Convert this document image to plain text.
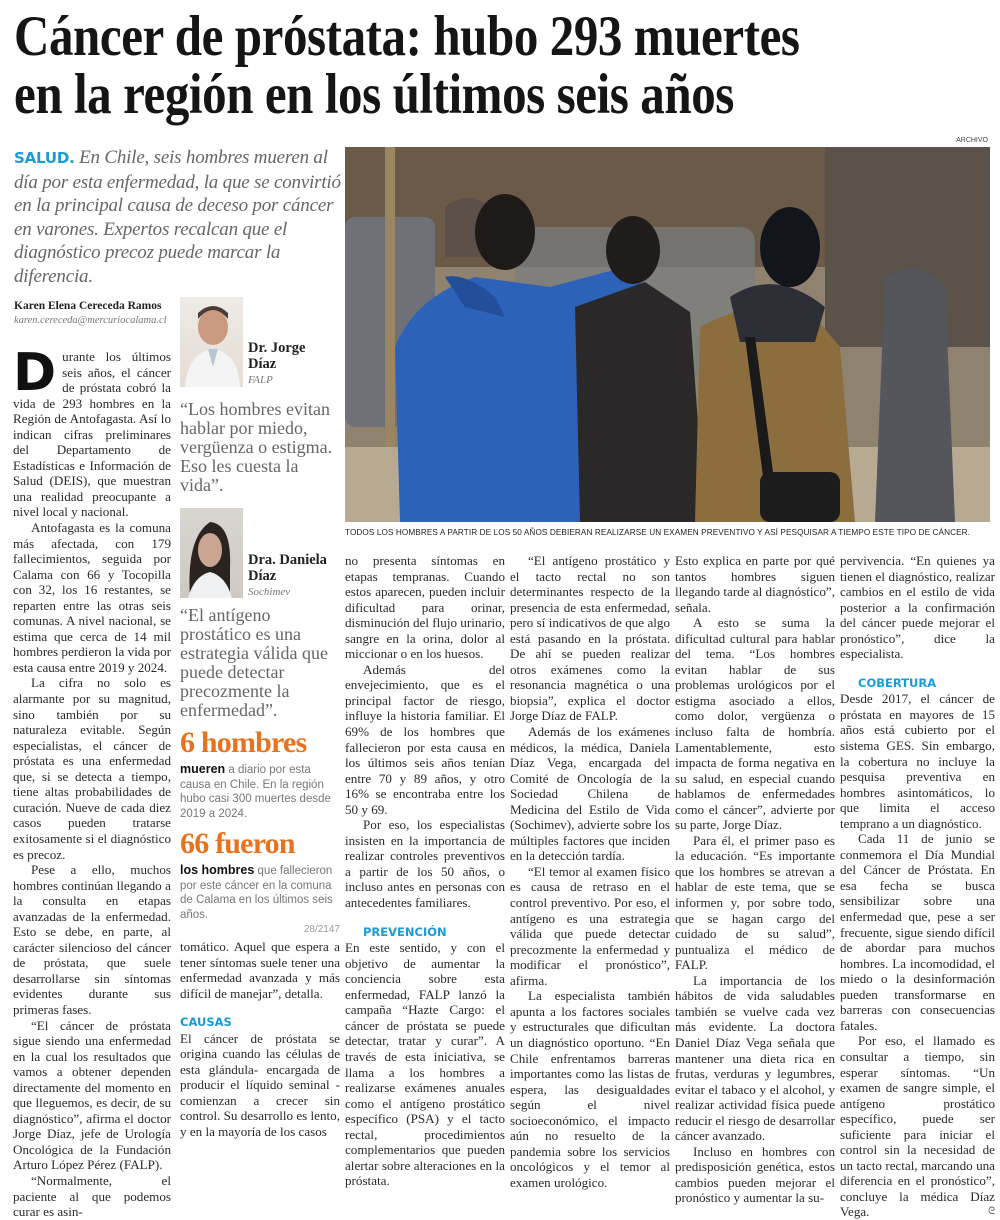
Cáncer de próstata: hubo 293 muertes
en la región en los últimos seis años
SALUD. En Chile, seis hombres mueren al día por esta enfermedad, la que se convirtió en la principal causa de deceso por cáncer en varones. Expertos recalcan que el diagnóstico precoz puede marcar la diferencia.
Karen Elena Cereceda Ramos
karen.cereceda@mercuriocalama.cl

Durante los últimos seis años, el cáncer de próstata cobró la vida de 293 hombres en la Región de Antofagasta. Así lo indican cifras preliminares del Departamento de Estadísticas e Información de Salud (DEIS), que muestran una realidad preocupante a nivel local y nacional.

Antofagasta es la comuna más afectada, con 179 fallecimientos, seguida por Calama con 66 y Tocopilla con 32, los 16 restantes, se reparten entre las otras seis comunas. A nivel nacional, se estima que cerca de 14 mil hombres perdieron la vida por esta causa entre 2019 y 2024.

La cifra no solo es alarmante por su magnitud, sino también por su naturaleza evitable. Según especialistas, el cáncer de próstata es una enfermedad que, si se detecta a tiempo, tiene altas probabilidades de curación. Nueve de cada diez casos pueden tratarse exitosamente si el diagnóstico es precoz.

Pese a ello, muchos hombres continúan llegando a la consulta en etapas avanzadas de la enfermedad. Esto se debe, en parte, al carácter silencioso del cáncer de próstata, que suele desarrollarse sin síntomas evidentes durante sus primeras fases.

“El cáncer de próstata sigue siendo una enfermedad en la cual los resultados que vamos a obtener dependen directamente del momento en que lleguemos, es decir, de su diagnóstico”, afirma el doctor Jorge Díaz, jefe de Urología Oncológica de la Fundación Arturo López Pérez (FALP).

“Normalmente, el paciente al que podemos curar es asin-

Dr. Jorge Díaz
FALP
“Los hombres evitan hablar por miedo, vergüenza o estigma. Eso les cuesta la vida”.
Dra. Daniela Díaz
Sochimev
“El antígeno prostático es una estrategia válida que puede detectar precozmente la enfermedad”.
6 hombres
mueren a diario por esta causa en Chile. En la región hubo casi 300 muertes desde 2019 a 2024.
66 fueron
los hombres que fallecieron por este cáncer en la comuna de Calama en los últimos seis años.
28/2147

tomático. Aquel que espera a tener síntomas suele tener una enfermedad avanzada y más difícil de manejar”, detalla.

CAUSAS

El cáncer de próstata se origina cuando las células de esta glándula- encargada de producir el líquido seminal - comienzan a crecer sin control. Su desarrollo es lento, y en la mayoría de los casos

ARCHIVO
TODOS LOS HOMBRES A PARTIR DE LOS 50 AÑOS DEBIERAN REALIZARSE UN EXAMEN PREVENTIVO Y ASÍ PESQUISAR A TIEMPO ESTE TIPO DE CÁNCER.

no presenta síntomas en etapas tempranas. Cuando estos aparecen, pueden incluir dificultad para orinar, disminución del flujo urinario, sangre en la orina, dolor al miccionar o en los huesos.

Además del envejecimiento, que es el principal factor de riesgo, influye la historia familiar. El 69% de los hombres que fallecieron por esta causa en los últimos seis años tenían entre 70 y 89 años, y otro 16% se encontraba entre los 50 y 69.

Por eso, los especialistas insisten en la importancia de realizar controles preventivos a partir de los 50 años, o incluso antes en personas con antecedentes familiares.

PREVENCIÓN

En este sentido, y con el objetivo de aumentar la conciencia sobre esta enfermedad, FALP lanzó la campaña “Hazte Cargo: el cáncer de próstata se puede detectar, tratar y curar”. A través de esta iniciativa, se llama a los hombres a realizarse exámenes anuales como el antígeno prostático específico (PSA) y el tacto rectal, procedimientos complementarios que pueden alertar sobre alteraciones en la próstata.

“El antígeno prostático y el tacto rectal no son determinantes respecto de la presencia de esta enfermedad, pero sí indicativos de que algo está pasando en la próstata. De ahí se pueden realizar otros exámenes como la resonancia magnética o una biopsia”, explica el doctor Jorge Díaz de FALP.

Además de los exámenes médicos, la médica, Daniela Díaz Vega, encargada del Comité de Oncología de la Sociedad Chilena de Medicina del Estilo de Vida (Sochimev), advierte sobre los múltiples factores que inciden en la detección tardía.

“El temor al examen físico es causa de retraso en el control preventivo. Por eso, el antígeno es una estrategia válida que puede detectar precozmente la enfermedad y modificar el pronóstico”, afirma.

La especialista también apunta a los factores sociales y estructurales que dificultan un diagnóstico oportuno. “En Chile enfrentamos barreras importantes como las listas de espera, las desigualdades según el nivel socioeconómico, el impacto aún no resuelto de la pandemia sobre los servicios oncológicos y el temor al examen urológico.

Esto explica en parte por qué tantos hombres siguen llegando tarde al diagnóstico”, señala.

A esto se suma la dificultad cultural para hablar del tema. “Los hombres evitan hablar de sus problemas urológicos por el estigma asociado a ellos, como dolor, vergüenza o incluso falta de hombría. Lamentablemente, esto impacta de forma negativa en su salud, en especial cuando hablamos de enfermedades como el cáncer”, advierte por su parte, Jorge Díaz.

Para él, el primer paso es la educación. “Es importante que los hombres se atrevan a hablar de este tema, que se informen y, por sobre todo, que se hagan cargo del cuidado de su salud”, puntualiza el médico de FALP.

La importancia de los hábitos de vida saludables también se vuelve cada vez más evidente. La doctora Daniel Díaz Vega señala que mantener una dieta rica en frutas, verduras y legumbres, evitar el tabaco y el alcohol, y realizar actividad física puede reducir el riesgo de desarrollar cáncer avanzado.

Incluso en hombres con predisposición genética, estos cambios pueden mejorar el pronóstico y aumentar la su-

pervivencia. “En quienes ya tienen el diagnóstico, realizar cambios en el estilo de vida posterior a la confirmación del cáncer puede mejorar el pronóstico”, dice la especialista.

COBERTURA

Desde 2017, el cáncer de próstata en mayores de 15 años está cubierto por el sistema GES. Sin embargo, la cobertura no incluye la pesquisa preventiva en hombres asintomáticos, lo que limita el acceso temprano a un diagnóstico.

Cada 11 de junio se conmemora el Día Mundial del Cáncer de Próstata. En esa fecha se busca sensibilizar sobre una enfermedad que, pese a ser frecuente, sigue siendo difícil de abordar para muchos hombres. La incomodidad, el miedo o la desinformación pueden transformarse en barreras con consecuencias fatales.

Por eso, el llamado es consultar a tiempo, sin esperar síntomas. “Un examen de sangre simple, el antígeno prostático específico, puede ser suficiente para iniciar el control sin la necesidad de un tacto rectal, marcando una diferencia en el pronóstico”, concluye la médica Díaz Vega.	ᘓ
